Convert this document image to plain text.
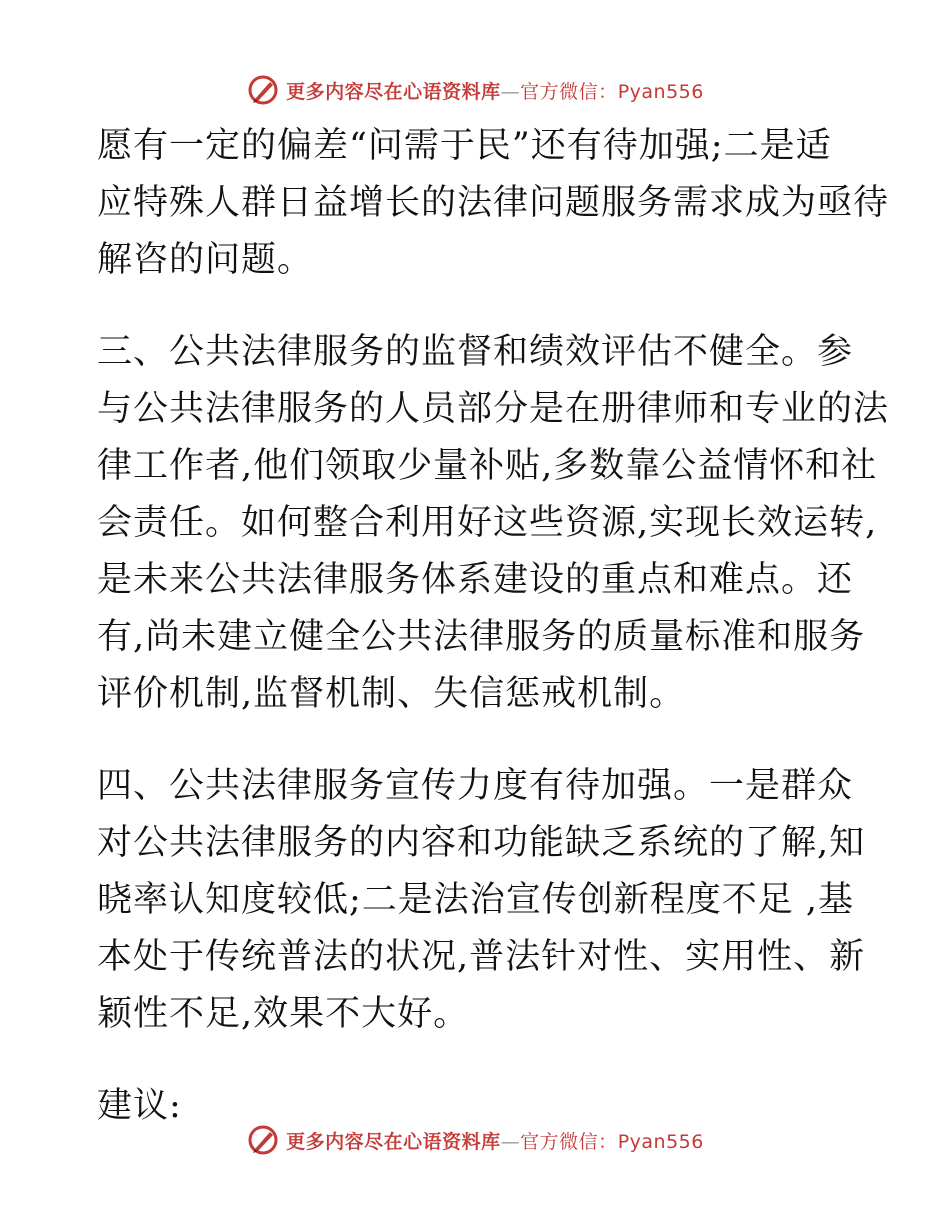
更多内容尽在心语资料库—官方微信：Pyan556
愿有一定的偏差“问需于民”还有待加强;二是适
应特殊人群日益增长的法律问题服务需求成为亟待
解咨的问题。
三、公共法律服务的监督和绩效评估不健全。参
与公共法律服务的人员部分是在册律师和专业的法
律工作者,他们领取少量补贴,多数靠公益情怀和社
会责任。如何整合利用好这些资源,实现长效运转,
是未来公共法律服务体系建设的重点和难点。还
有,尚未建立健全公共法律服务的质量标准和服务
评价机制,监督机制、失信惩戒机制。
四、公共法律服务宣传力度有待加强。一是群众
对公共法律服务的内容和功能缺乏系统的了解,知
晓率认知度较低;二是法治宣传创新程度不足 ,基
本处于传统普法的状况,普法针对性、实用性、新
颖性不足,效果不大好。
建议:
更多内容尽在心语资料库—官方微信：Pyan556
